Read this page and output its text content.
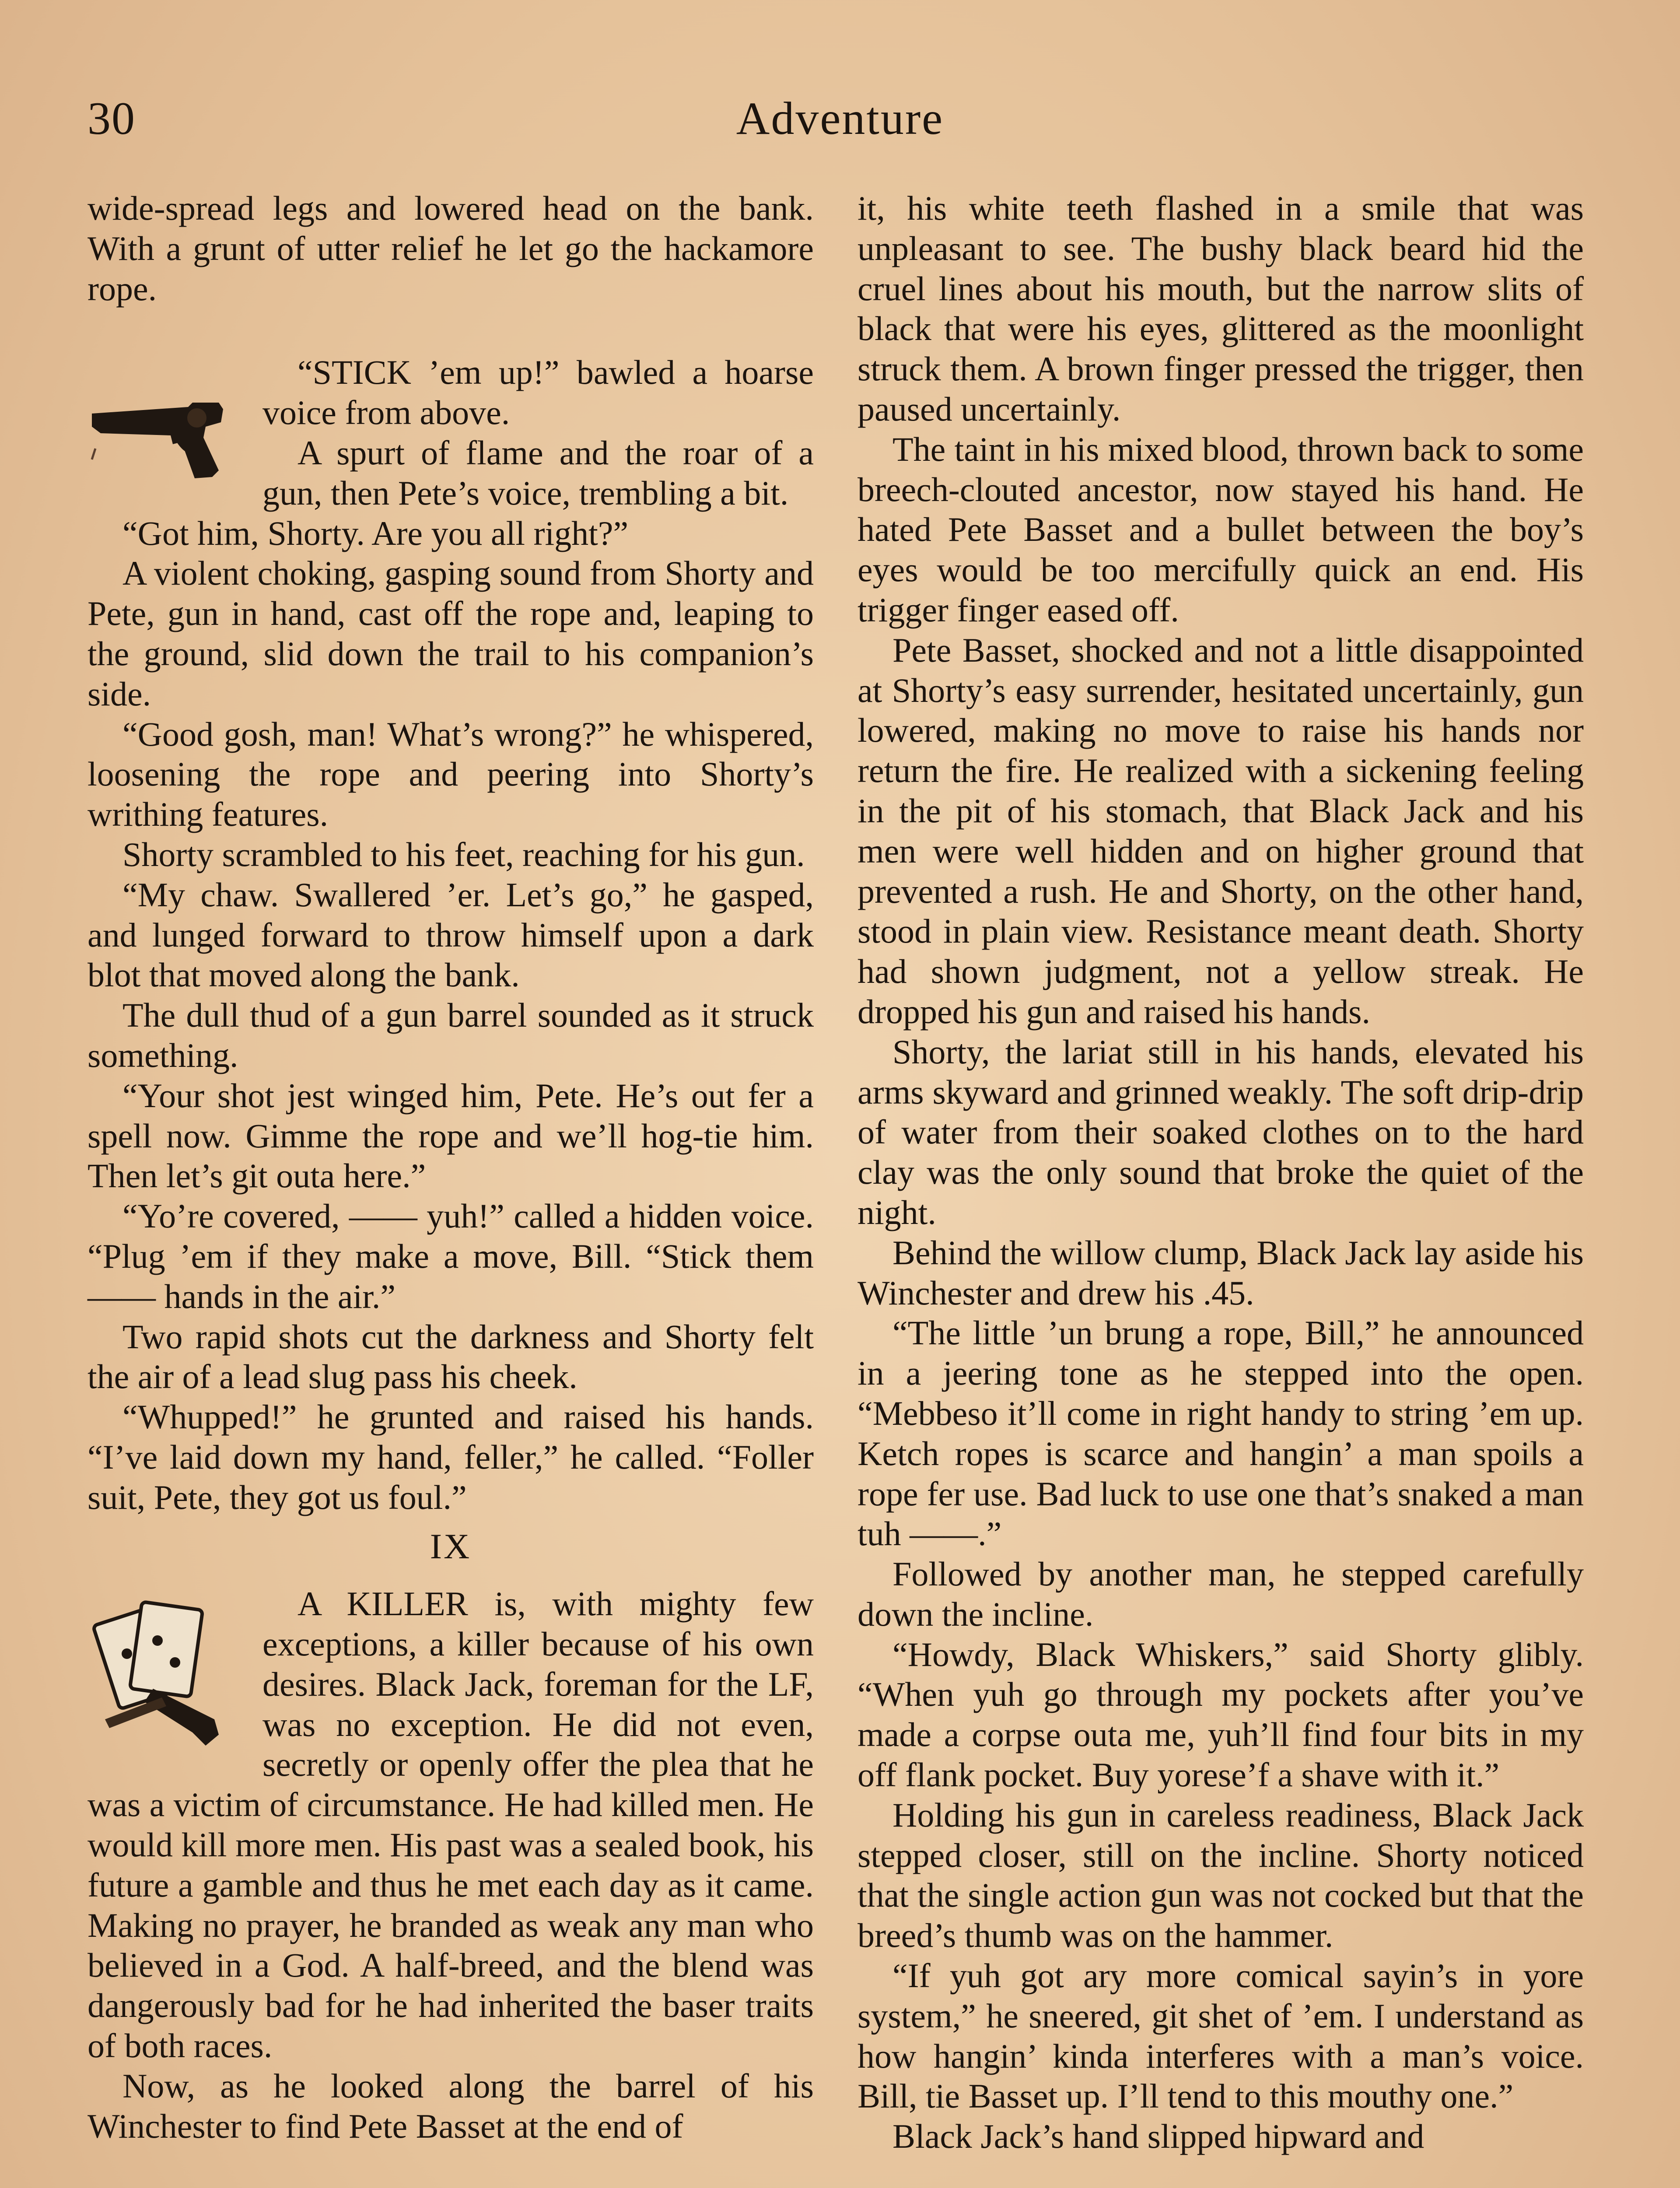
30	Adventure

wide-spread legs and lowered head on the bank. With a grunt of utter relief he let go the hackamore rope.

“STICK ’em up!” bawled a hoarse voice from above.

A spurt of flame and the roar of a gun, then Pete’s voice, trembling a bit.

“Got him, Shorty. Are you all right?”

A violent choking, gasping sound from Shorty and Pete, gun in hand, cast off the rope and, leaping to the ground, slid down the trail to his companion’s side.

“Good gosh, man! What’s wrong?” he whispered, loosening the rope and peering into Shorty’s writhing features.

Shorty scrambled to his feet, reaching for his gun.

“My chaw. Swallered ’er. Let’s go,” he gasped, and lunged forward to throw himself upon a dark blot that moved along the bank.

The dull thud of a gun barrel sounded as it struck something.

“Your shot jest winged him, Pete. He’s out fer a spell now. Gimme the rope and we’ll hog-tie him. Then let’s git outa here.”

“Yo’re covered, —— yuh!” called a hidden voice. “Plug ’em if they make a move, Bill. “Stick them —— hands in the air.”

Two rapid shots cut the darkness and Shorty felt the air of a lead slug pass his cheek.

“Whupped!” he grunted and raised his hands. “I’ve laid down my hand, feller,” he called. “Foller suit, Pete, they got us foul.”

IX

A KILLER is, with mighty few exceptions, a killer because of his own desires. Black Jack, foreman for the LF, was no exception. He did not even, secretly or openly offer the plea that he was a victim of circumstance. He had killed men. He would kill more men. His past was a sealed book, his future a gamble and thus he met each day as it came. Making no prayer, he branded as weak any man who believed in a God. A half-breed, and the blend was dangerously bad for he had inherited the baser traits of both races.

Now, as he looked along the barrel of his Winchester to find Pete Basset at the end of

it, his white teeth flashed in a smile that was unpleasant to see. The bushy black beard hid the cruel lines about his mouth, but the narrow slits of black that were his eyes, glittered as the moonlight struck them. A brown finger pressed the trigger, then paused uncertainly.

The taint in his mixed blood, thrown back to some breech-clouted ancestor, now stayed his hand. He hated Pete Basset and a bullet between the boy’s eyes would be too mercifully quick an end. His trigger finger eased off.

Pete Basset, shocked and not a little disappointed at Shorty’s easy surrender, hesitated uncertainly, gun lowered, making no move to raise his hands nor return the fire. He realized with a sickening feeling in the pit of his stomach, that Black Jack and his men were well hidden and on higher ground that prevented a rush. He and Shorty, on the other hand, stood in plain view. Resistance meant death. Shorty had shown judgment, not a yellow streak. He dropped his gun and raised his hands.

Shorty, the lariat still in his hands, elevated his arms skyward and grinned weakly. The soft drip-drip of water from their soaked clothes on to the hard clay was the only sound that broke the quiet of the night.

Behind the willow clump, Black Jack lay aside his Winchester and drew his .45.

“The little ’un brung a rope, Bill,” he announced in a jeering tone as he stepped into the open. “Mebbeso it’ll come in right handy to string ’em up. Ketch ropes is scarce and hangin’ a man spoils a rope fer use. Bad luck to use one that’s snaked a man tuh ——.”

Followed by another man, he stepped carefully down the incline.

“Howdy, Black Whiskers,” said Shorty glibly. “When yuh go through my pockets after you’ve made a corpse outa me, yuh’ll find four bits in my off flank pocket. Buy yorese’f a shave with it.”

Holding his gun in careless readiness, Black Jack stepped closer, still on the incline. Shorty noticed that the single action gun was not cocked but that the breed’s thumb was on the hammer.

“If yuh got ary more comical sayin’s in yore system,” he sneered, git shet of ’em. I understand as how hangin’ kinda interferes with a man’s voice. Bill, tie Basset up. I’ll tend to this mouthy one.”

Black Jack’s hand slipped hipward and
